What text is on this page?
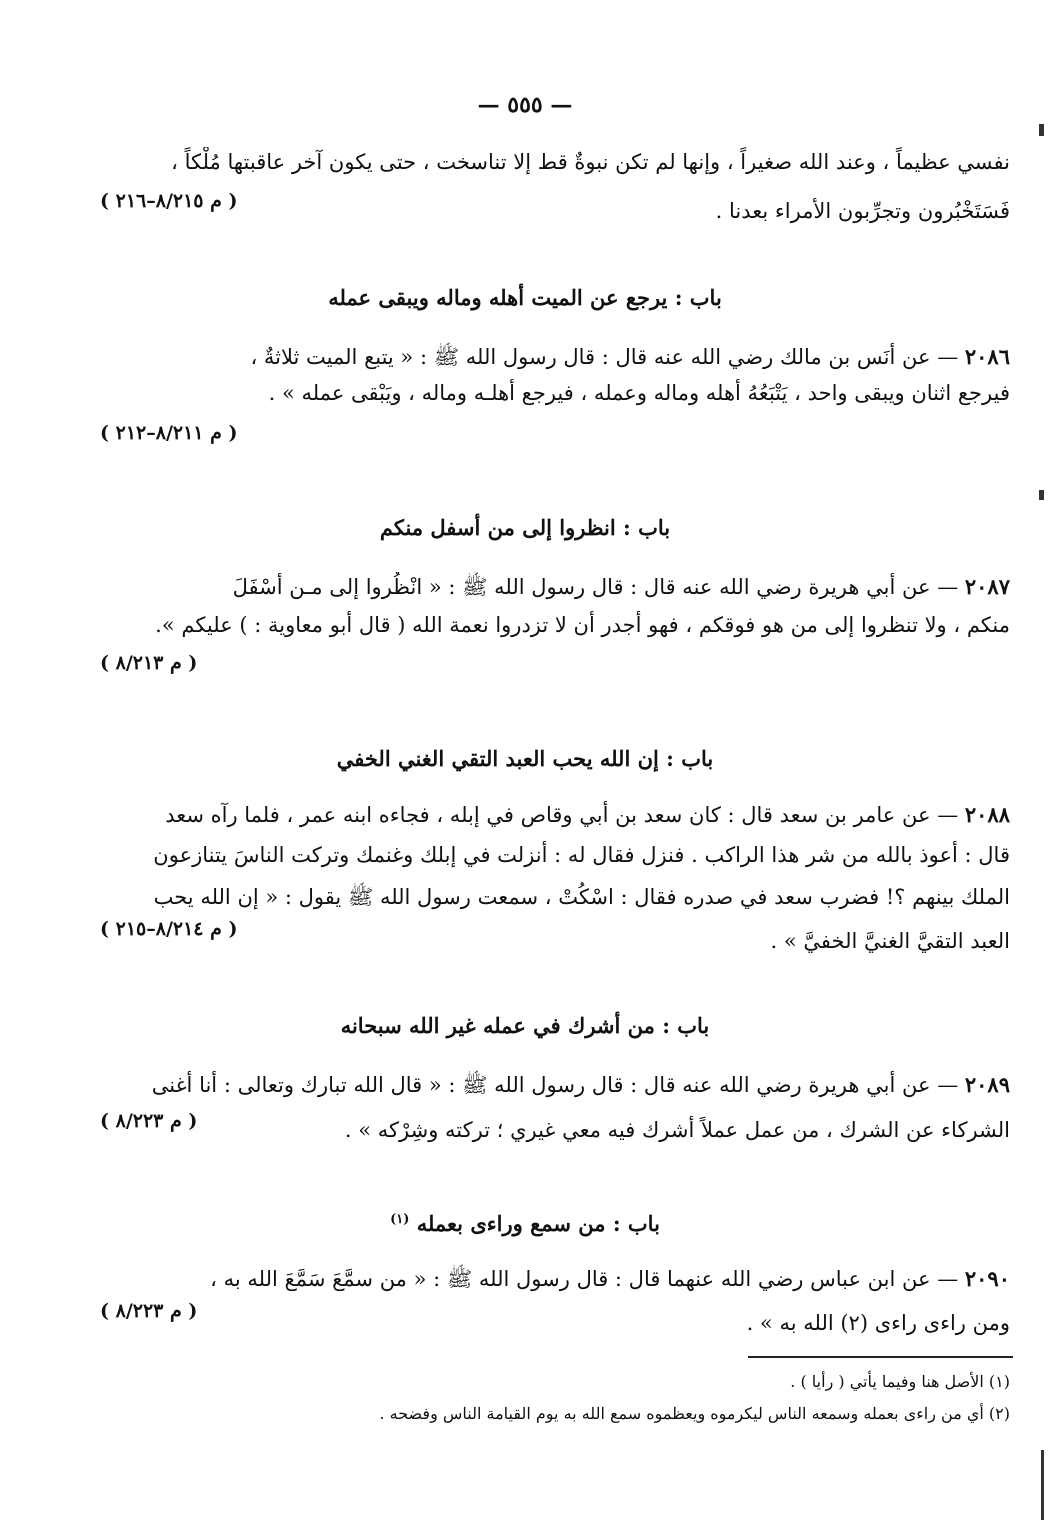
— ٥٥٥ —
نفسي عظيماً ، وعند الله صغيراً ، وإنها لم تكن نبوةٌ قط إلا تناسخت ، حتى يكون آخر عاقبتها مُلْكاً ،
فَسَتَخْبُرون وتجرِّبون الأمراء بعدنا .
( م ٨/٢١٥–٢١٦ )
باب : يرجع عن الميت أهله وماله ويبقى عمله
٢٠٨٦ — عن أنَس بن مالك رضي الله عنه قال : قال رسول الله ﷺ : « يتبع الميت ثلاثةٌ ،
فيرجع اثنان ويبقى واحد ، يَتْبَعُهُ أهله وماله وعمله ، فيرجع أهلـه وماله ، ويَبْقى عمله » .
( م ٨/٢١١–٢١٢ )
باب : انظروا إلى من أسفل منكم
٢٠٨٧ — عن أبي هريرة رضي الله عنه قال : قال رسول الله ﷺ : « انْظُروا إلى مـن أسْفَلَ
منكم ، ولا تنظروا إلى من هو فوقكم ، فهو أجدر أن لا تزدروا نعمة الله ( قال أبو معاوية : ) عليكم ».
( م ٨/٢١٣ )
باب : إن الله يحب العبد التقي الغني الخفي
٢٠٨٨ — عن عامر بن سعد قال : كان سعد بن أبي وقاص في إبله ، فجاءه ابنه عمر ، فلما رآه سعد
قال : أعوذ بالله من شر هذا الراكب . فنزل فقال له : أنزلت في إبلك وغنمك وتركت الناسَ يتنازعون
الملك بينهم ؟! فضرب سعد في صدره فقال : اسْكُتْ ، سمعت رسول الله ﷺ يقول : « إن الله يحب
العبد التقيَّ الغنيَّ الخفيَّ » .
( م ٨/٢١٤–٢١٥ )
باب : من أشرك في عمله غير الله سبحانه
٢٠٨٩ — عن أبي هريرة رضي الله عنه قال : قال رسول الله ﷺ : « قال الله تبارك وتعالى : أنا أغنى
الشركاء عن الشرك ، من عمل عملاً أشرك فيه معي غيري ؛ تركته وشِرْكه » .
( م ٨/٢٢٣ )
باب : من سمع وراءى بعمله $^{(١)}$
٢٠٩٠ — عن ابن عباس رضي الله عنهما قال : قال رسول الله ﷺ : « من سمَّعَ سَمَّعَ الله به ،
ومن راءى راءى (٢) الله به » .
( م ٨/٢٢٣ )
(١) الأصل هنا وفيما يأتي ( رأيا ) .
(٢) أي من راءى بعمله وسمعه الناس ليكرموه ويعظموه سمع الله به يوم القيامة الناس وفضحه .
